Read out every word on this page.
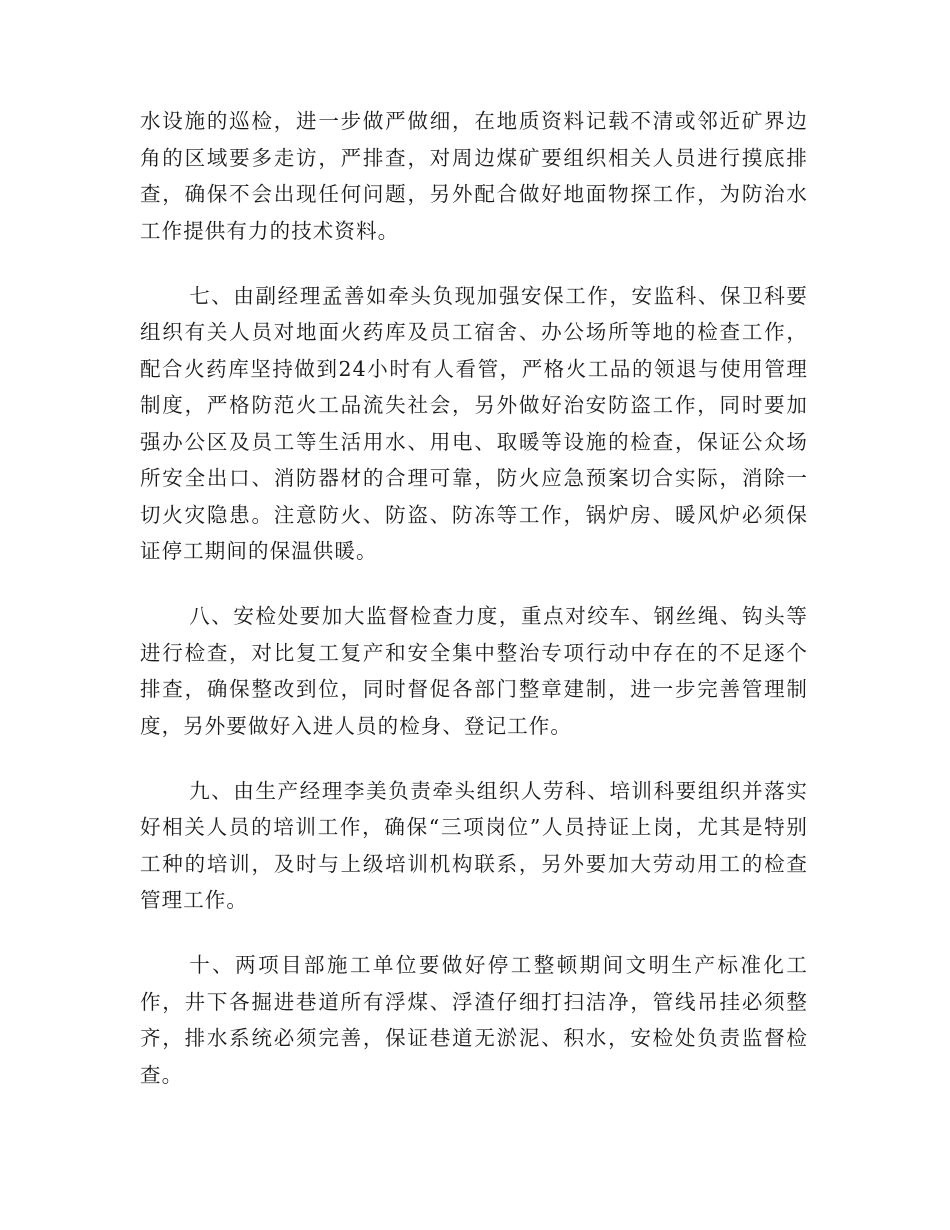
水设施的巡检，进一步做严做细，在地质资料记载不清或邻近矿界边角的区域要多走访，严排查，对周边煤矿要组织相关人员进行摸底排查，确保不会出现任何问题，另外配合做好地面物探工作，为防治水工作提供有力的技术资料。

七、由副经理孟善如牵头负现加强安保工作，安监科、保卫科要组织有关人员对地面火药库及员工宿舍、办公场所等地的检查工作，配合火药库坚持做到24小时有人看管，严格火工品的领退与使用管理制度，严格防范火工品流失社会，另外做好治安防盗工作，同时要加强办公区及员工等生活用水、用电、取暖等设施的检查，保证公众场所安全出口、消防器材的合理可靠，防火应急预案切合实际，消除一切火灾隐患。注意防火、防盗、防冻等工作，锅炉房、暖风炉必须保证停工期间的保温供暖。

八、安检处要加大监督检查力度，重点对绞车、钢丝绳、钩头等进行检查，对比复工复产和安全集中整治专项行动中存在的不足逐个排查，确保整改到位，同时督促各部门整章建制，进一步完善管理制度，另外要做好入进人员的检身、登记工作。

九、由生产经理李美负责牵头组织人劳科、培训科要组织并落实好相关人员的培训工作，确保“三项岗位”人员持证上岗，尤其是特别工种的培训，及时与上级培训机构联系，另外要加大劳动用工的检查管理工作。

十、两项目部施工单位要做好停工整顿期间文明生产标准化工作，井下各掘进巷道所有浮煤、浮渣仔细打扫洁净，管线吊挂必须整齐，排水系统必须完善，保证巷道无淤泥、积水，安检处负责监督检查。
